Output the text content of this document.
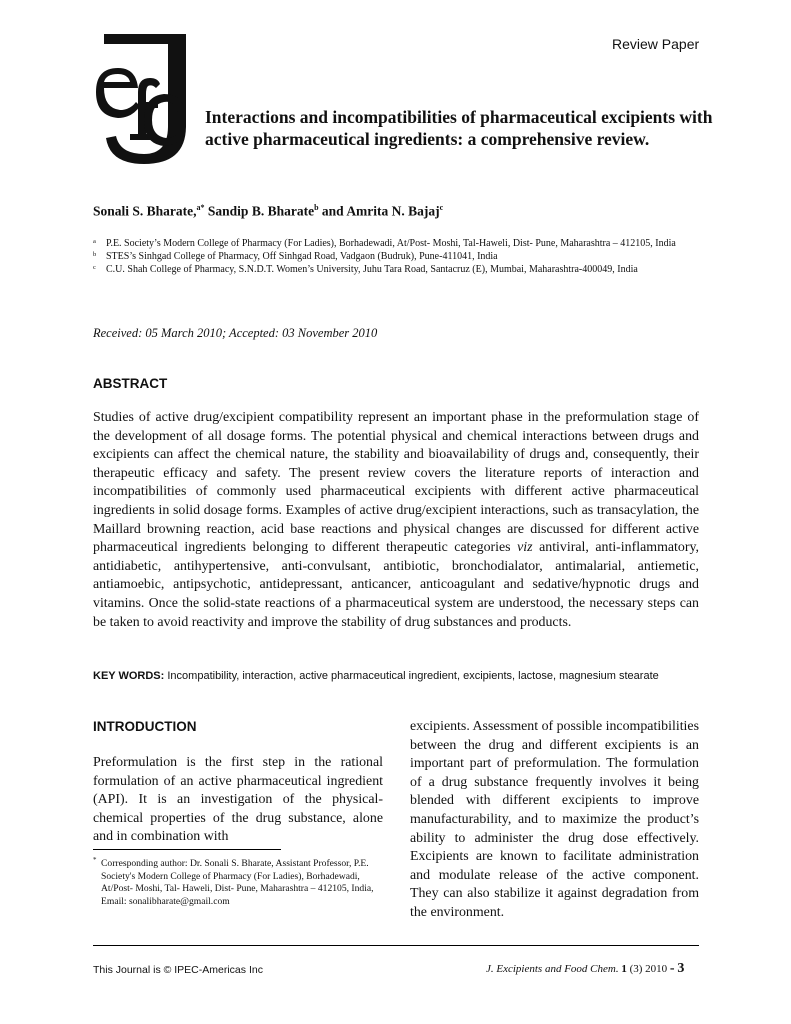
Review Paper
Interactions and incompatibilities of pharmaceutical excipients with active pharmaceutical ingredients: a comprehensive review.
Sonali S. Bharate,$^{a*}$ Sandip B. Bharate$^b$ and Amrita N. Bajaj$^c$
a P.E. Society’s Modern College of Pharmacy (For Ladies), Borhadewadi, At/Post- Moshi, Tal-Haweli, Dist- Pune, Maharashtra – 412105, India
b STES’s Sinhgad College of Pharmacy, Off Sinhgad Road, Vadgaon (Budruk), Pune-411041, India
c C.U. Shah College of Pharmacy, S.N.D.T. Women’s University, Juhu Tara Road, Santacruz (E), Mumbai, Maharashtra-400049, India
Received: 05 March 2010; Accepted: 03 November 2010
ABSTRACT

Studies of active drug/excipient compatibility represent an important phase in the preformulation stage of the development of all dosage forms. The potential physical and chemical interactions between drugs and excipients can affect the chemical nature, the stability and bioavailability of drugs and, consequently, their therapeutic efficacy and safety. The present review covers the literature reports of interaction and incompatibilities of commonly used pharmaceutical excipients with different active pharmaceutical ingredients in solid dosage forms. Examples of active drug/excipient interactions, such as transacylation, the Maillard browning reaction, acid base reactions and physical changes are discussed for different active pharmaceutical ingredients belonging to different therapeutic categories viz antiviral, anti-inflammatory, antidiabetic, antihypertensive, anti-convulsant, antibiotic, bronchodialator, antimalarial, antiemetic, antiamoebic, antipsychotic, antidepressant, anticancer, anticoagulant and sedative/hypnotic drugs and vitamins. Once the solid-state reactions of a pharmaceutical system are understood, the necessary steps can be taken to avoid reactivity and improve the stability of drug substances and products.

KEY WORDS: Incompatibility, interaction, active pharmaceutical ingredient, excipients, lactose, magnesium stearate
INTRODUCTION

Preformulation is the first step in the rational formulation of an active pharmaceutical ingredient (API). It is an investigation of the physical-chemical properties of the drug substance, alone and in combination with

excipients. Assessment of possible incompatibilities between the drug and different excipients is an important part of preformulation. The formulation of a drug substance frequently involves it being blended with different excipients to improve manufacturability, and to maximize the product’s ability to administer the drug dose effectively. Excipients are known to facilitate administration and modulate release of the active component. They can also stabilize it against degradation from the environment.

* Corresponding author: Dr. Sonali S. Bharate, Assistant Professor, P.E. Society's Modern College of Pharmacy (For Ladies), Borhadewadi, At/Post- Moshi, Tal- Haweli, Dist- Pune, Maharashtra – 412105, India, Email: sonalibharate@gmail.com
This Journal is © IPEC-Americas Inc	J. Excipients and Food Chem. 1 (3) 2010 - 3
